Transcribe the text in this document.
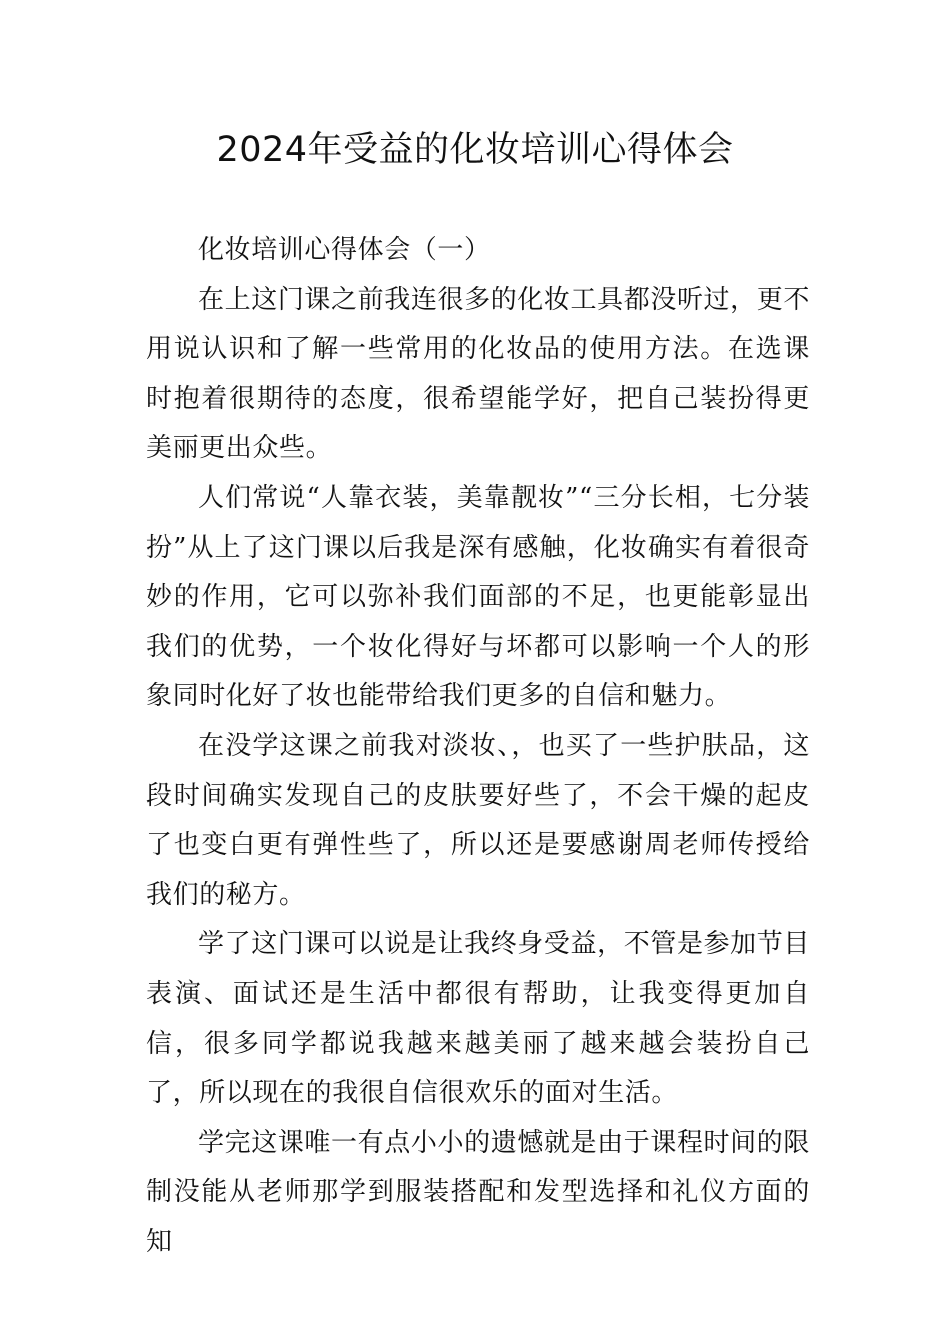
2024年受益的化妆培训心得体会

化妆培训心得体会（一）

在上这门课之前我连很多的化妆工具都没听过，更不用说认识和了解一些常用的化妆品的使用方法。在选课时抱着很期待的态度，很希望能学好，把自己装扮得更美丽更出众些。

人们常说“人靠衣装，美靠靓妆”“三分长相，七分装扮”从上了这门课以后我是深有感触，化妆确实有着很奇妙的作用，它可以弥补我们面部的不足，也更能彰显出我们的优势，一个妆化得好与坏都可以影响一个人的形象同时化好了妆也能带给我们更多的自信和魅力。

在没学这课之前我对淡妆、，也买了一些护肤品，这段时间确实发现自己的皮肤要好些了，不会干燥的起皮了也变白更有弹性些了，所以还是要感谢周老师传授给我们的秘方。

学了这门课可以说是让我终身受益，不管是参加节目表演、面试还是生活中都很有帮助，让我变得更加自信，很多同学都说我越来越美丽了越来越会装扮自己了，所以现在的我很自信很欢乐的面对生活。

学完这课唯一有点小小的遗憾就是由于课程时间的限制没能从老师那学到服装搭配和发型选择和礼仪方面的知
